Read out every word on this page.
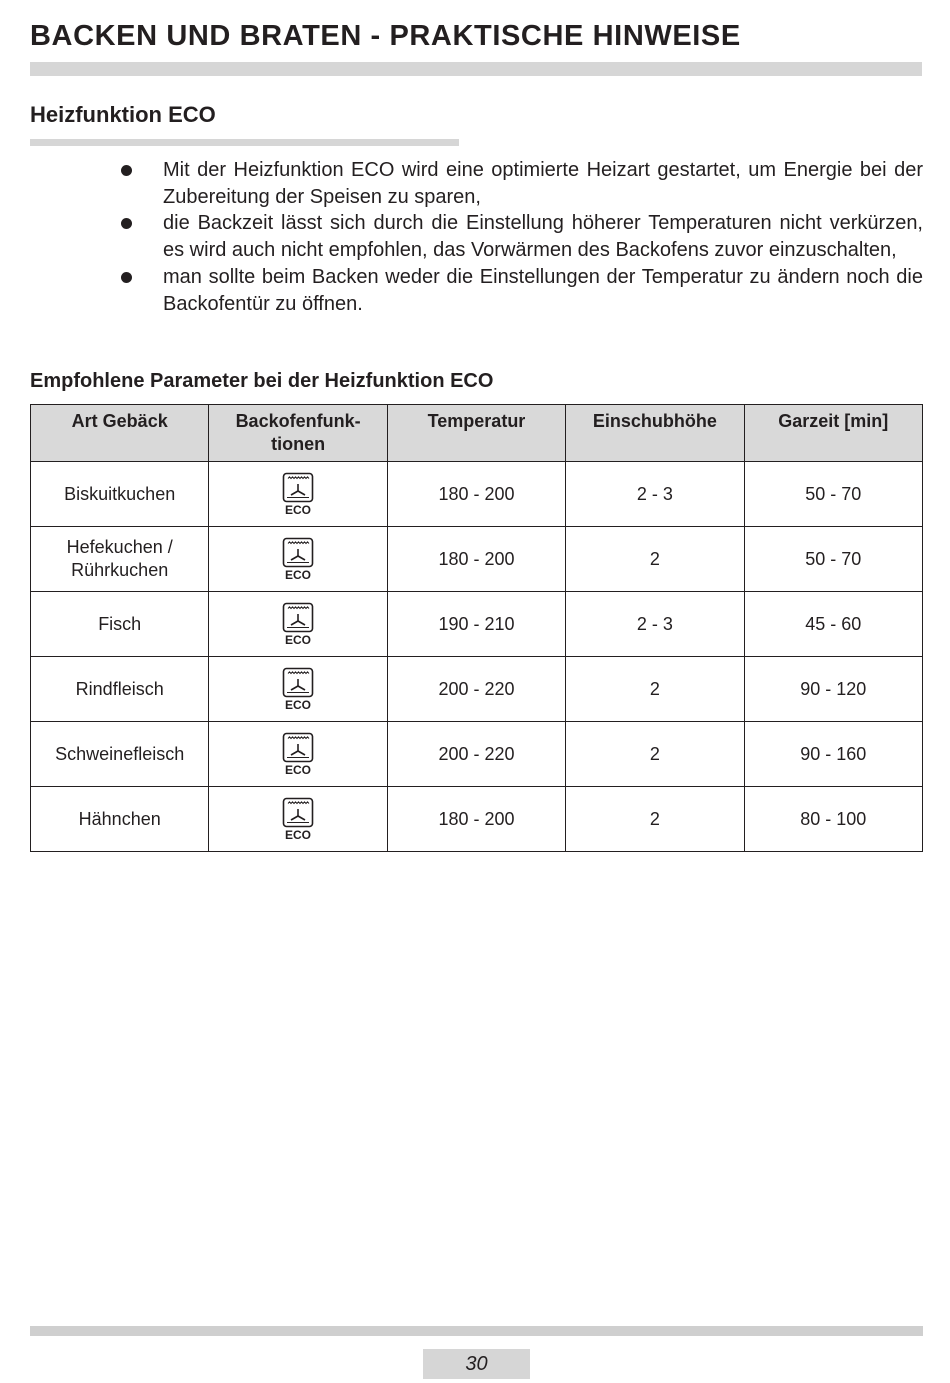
BACKEN UND BRATEN - PRAKTISCHE HINWEISE
Heizfunktion ECO
Mit der Heizfunktion ECO wird eine optimierte Heizart gestartet, um Energie bei der Zubereitung der Speisen zu sparen,
die Backzeit lässt sich durch die Einstellung höherer Temperaturen nicht verkürzen, es wird auch nicht empfohlen, das Vorwärmen des Backofens zuvor einzuschalten,
man sollte beim Backen weder die Einstellungen der Temperatur zu ändern noch die Backofentür zu öffnen.
Empfohlene Parameter bei der Heizfunktion ECO
Art Gebäck	Backofenfunktionen	Temperatur	Einschubhöhe	Garzeit [min]
Biskuitkuchen	ECO	180 - 200	2 - 3	50 - 70
Hefekuchen / Rührkuchen	ECO	180 - 200	2	50 - 70
Fisch	ECO	190 - 210	2 - 3	45 - 60
Rindfleisch	ECO	200 - 220	2	90 - 120
Schweinefleisch	ECO	200 - 220	2	90 - 160
Hähnchen	ECO	180 - 200	2	80 - 100
30
